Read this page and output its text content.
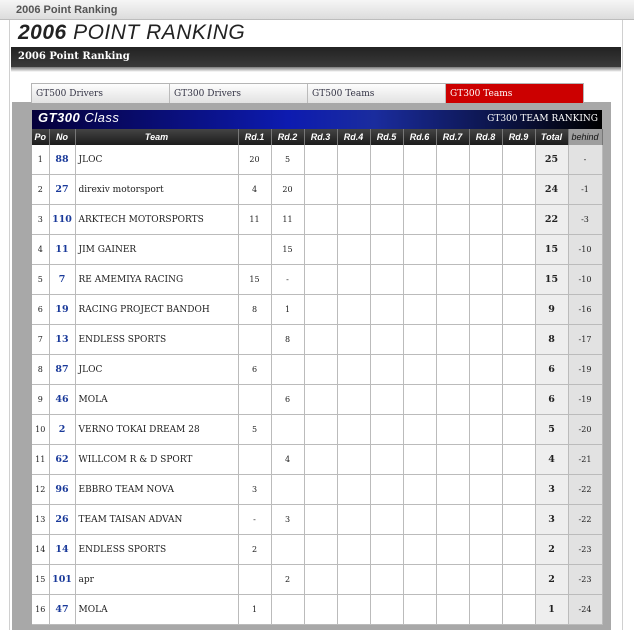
2006 Point Ranking
2006 POINT RANKING
2006 Point Ranking
GT500 Drivers	GT300 Drivers	GT500 Teams	GT300 Teams
GT300 Class	GT300 TEAM RANKING
Po	No	Team	Rd.1	Rd.2	Rd.3	Rd.4	Rd.5	Rd.6	Rd.7	Rd.8	Rd.9	Total	behind
1	88	JLOC	20	5								25	-
2	27	direxiv motorsport	4	20								24	-1
3	110	ARKTECH MOTORSPORTS	11	11								22	-3
4	11	JIM GAINER		15								15	-10
5	7	RE AMEMIYA RACING	15	-								15	-10
6	19	RACING PROJECT BANDOH	8	1								9	-16
7	13	ENDLESS SPORTS		8								8	-17
8	87	JLOC	6									6	-19
9	46	MOLA		6								6	-19
10	2	VERNO TOKAI DREAM 28	5									5	-20
11	62	WILLCOM R & D SPORT		4								4	-21
12	96	EBBRO TEAM NOVA	3									3	-22
13	26	TEAM TAISAN ADVAN	-	3								3	-22
14	14	ENDLESS SPORTS	2									2	-23
15	101	apr		2								2	-23
16	47	MOLA	1									1	-24
